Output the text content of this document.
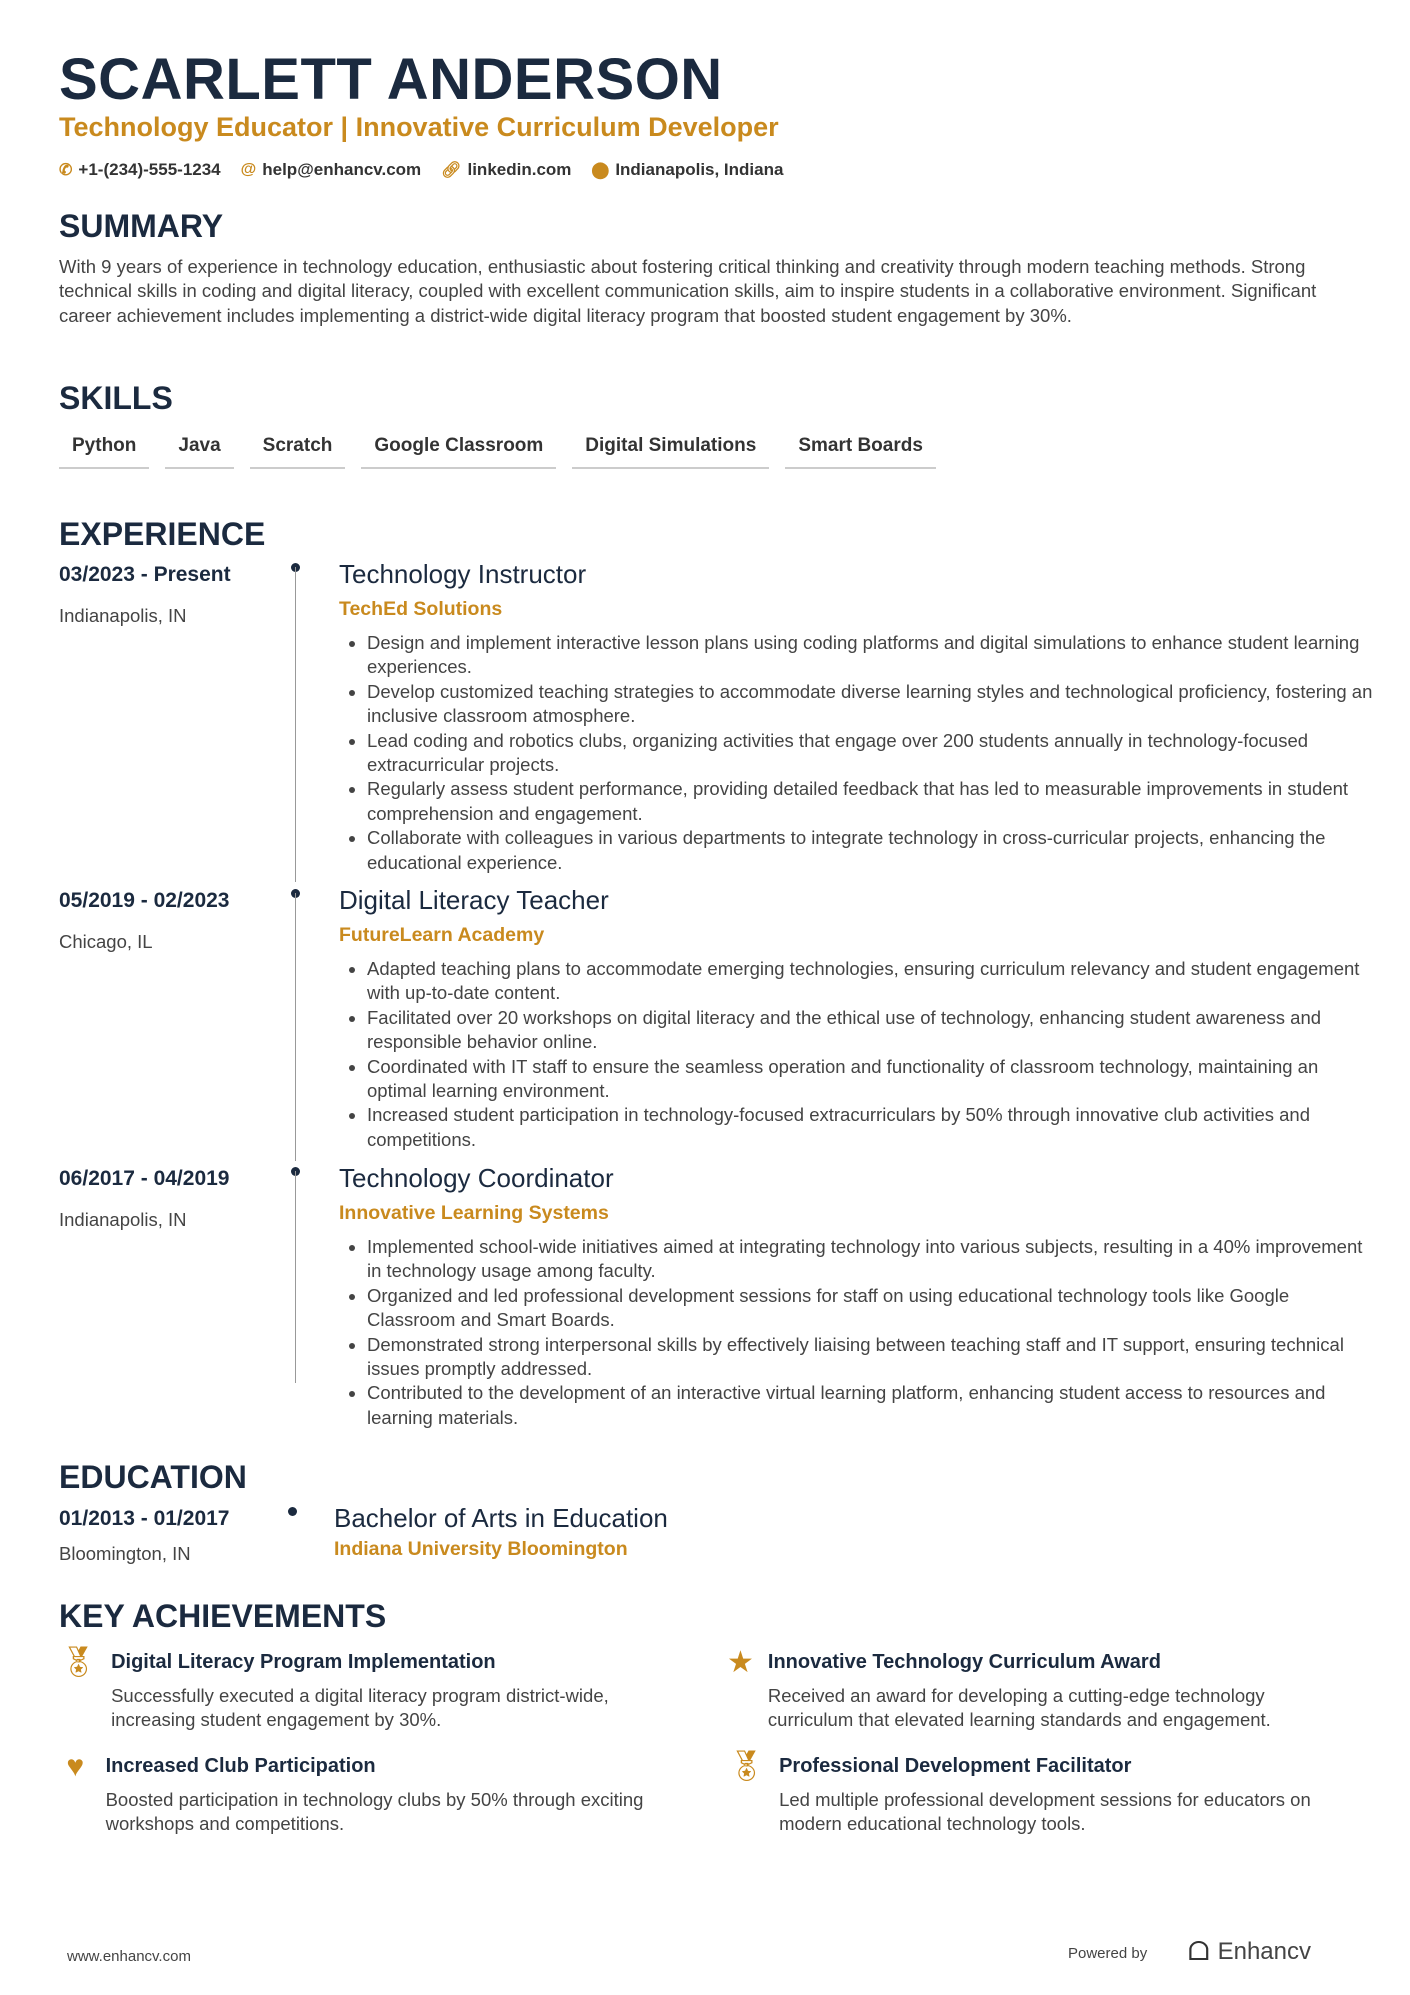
SCARLETT ANDERSON
Technology Educator | Innovative Curriculum Developer
✆ +1-(234)-555-1234 @ help@enhancv.com 🔗︎ linkedin.com ⬤ Indianapolis, Indiana
SUMMARY
With 9 years of experience in technology education, enthusiastic about fostering critical thinking and creativity through modern teaching methods. Strong technical skills in coding and digital literacy, coupled with excellent communication skills, aim to inspire students in a collaborative environment. Significant career achievement includes implementing a district-wide digital literacy program that boosted student engagement by 30%.
SKILLS
Python	Java	Scratch	Google Classroom	Digital Simulations	Smart Boards
EXPERIENCE
03/2023 - Present
Indianapolis, IN
Technology Instructor
TechEd Solutions
• Design and implement interactive lesson plans using coding platforms and digital simulations to enhance student learning experiences.
• Develop customized teaching strategies to accommodate diverse learning styles and technological proficiency, fostering an inclusive classroom atmosphere.
• Lead coding and robotics clubs, organizing activities that engage over 200 students annually in technology-focused extracurricular projects.
• Regularly assess student performance, providing detailed feedback that has led to measurable improvements in student comprehension and engagement.
• Collaborate with colleagues in various departments to integrate technology in cross-curricular projects, enhancing the educational experience.
05/2019 - 02/2023
Chicago, IL
Digital Literacy Teacher
FutureLearn Academy
• Adapted teaching plans to accommodate emerging technologies, ensuring curriculum relevancy and student engagement with up-to-date content.
• Facilitated over 20 workshops on digital literacy and the ethical use of technology, enhancing student awareness and responsible behavior online.
• Coordinated with IT staff to ensure the seamless operation and functionality of classroom technology, maintaining an optimal learning environment.
• Increased student participation in technology-focused extracurriculars by 50% through innovative club activities and competitions.
06/2017 - 04/2019
Indianapolis, IN
Technology Coordinator
Innovative Learning Systems
• Implemented school-wide initiatives aimed at integrating technology into various subjects, resulting in a 40% improvement in technology usage among faculty.
• Organized and led professional development sessions for staff on using educational technology tools like Google Classroom and Smart Boards.
• Demonstrated strong interpersonal skills by effectively liaising between teaching staff and IT support, ensuring technical issues promptly addressed.
• Contributed to the development of an interactive virtual learning platform, enhancing student access to resources and learning materials.
EDUCATION
01/2013 - 01/2017
Bloomington, IN
Bachelor of Arts in Education
Indiana University Bloomington
KEY ACHIEVEMENTS
🏅︎ Digital Literacy Program Implementation
Successfully executed a digital literacy program district-wide, increasing student engagement by 30%.
★ Innovative Technology Curriculum Award
Received an award for developing a cutting-edge technology curriculum that elevated learning standards and engagement.
♥	Increased Club Participation
Boosted participation in technology clubs by 50% through exciting workshops and competitions.
🏅︎ Professional Development Facilitator
Led multiple professional development sessions for educators on modern educational technology tools.
www.enhancv.com	Powered by ᗝ Enhancv
